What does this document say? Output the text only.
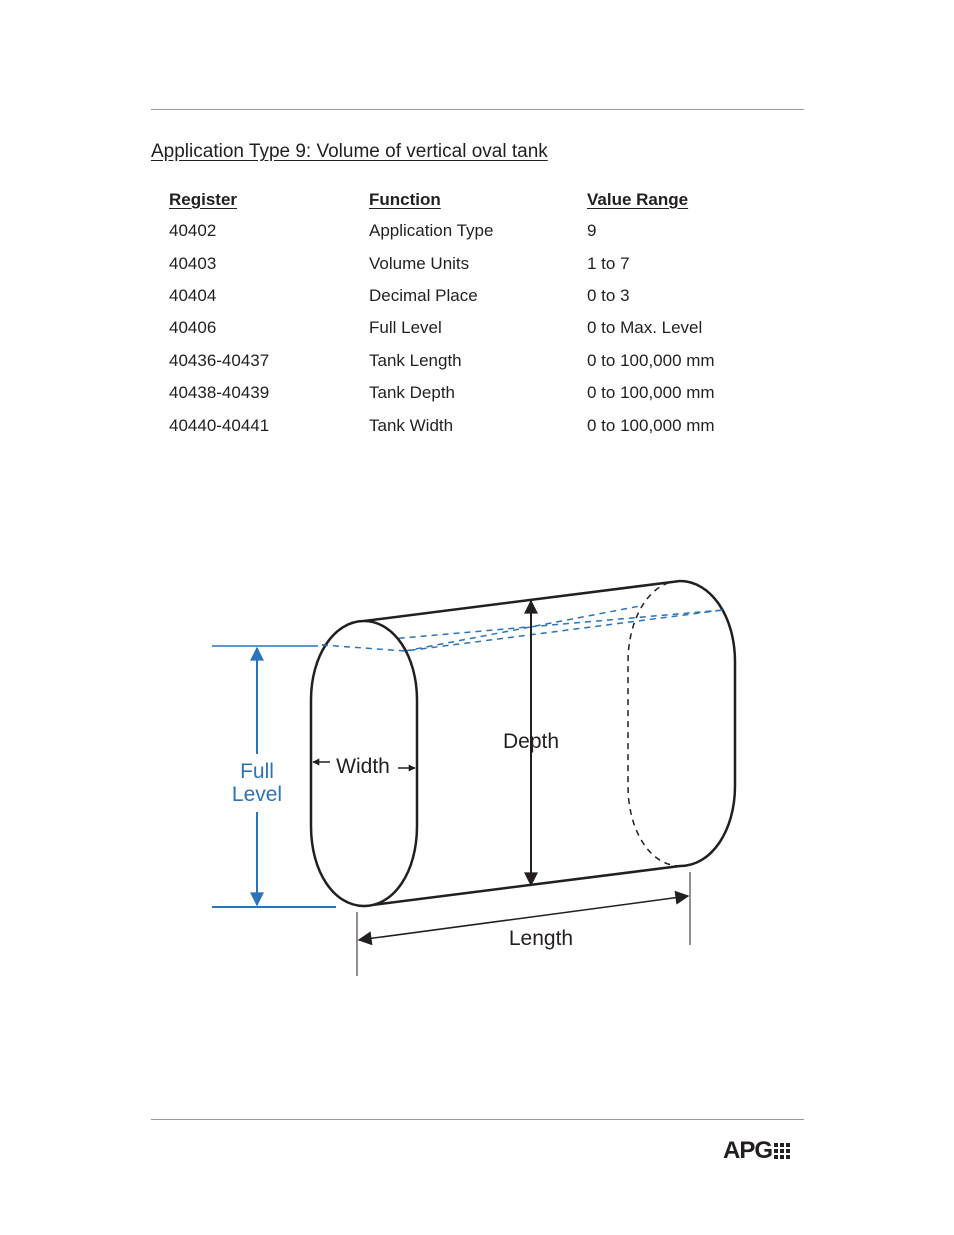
Application Type 9: Volume of vertical oval tank
Register	Function	Value Range
40402	Application Type	9
40403	Volume Units	1 to 7
40404	Decimal Place	0 to 3
40406	Full Level	0 to Max. Level
40436-40437	Tank Length	0 to 100,000 mm
40438-40439	Tank Depth	0 to 100,000 mm
40440-40441	Tank Width	0 to 100,000 mm
Depth
Width
Length
Full
Level
APG
